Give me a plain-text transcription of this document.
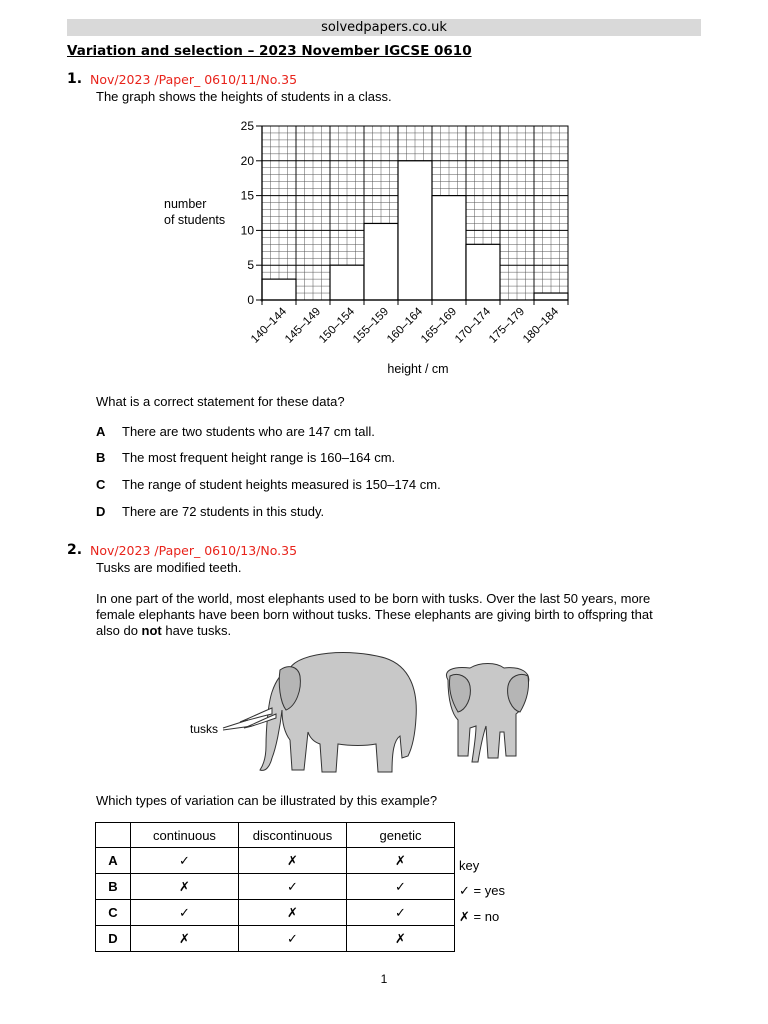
solvedpapers.co.uk
Variation and selection – 2023 November IGCSE 0610
1. Nov/2023 /Paper_ 0610/11/No.35
The graph shows the heights of students in a class.
0
5
10
15
20
25
140–144
145–149
150–154
155–159
160–164
165–169
170–174
175–179
180–184
number
of students
height / cm
What is a correct statement for these data?
A There are two students who are 147 cm tall.
B The most frequent height range is 160–164 cm.
C The range of student heights measured is 150–174 cm.
D There are 72 students in this study.
2. Nov/2023 /Paper_ 0610/13/No.35
Tusks are modified teeth.
In one part of the world, most elephants used to be born with tusks. Over the last 50 years, more
female elephants have been born without tusks. These elephants are giving birth to offspring that
also do not have tusks.
tusks
Which types of variation can be illustrated by this example?
	continuous	discontinuous	genetic
A	✓	✗	✗
B	✗	✓	✓
C	✓	✗	✓
D	✗	✓	✗
key
✓ = yes
✗ = no
1
